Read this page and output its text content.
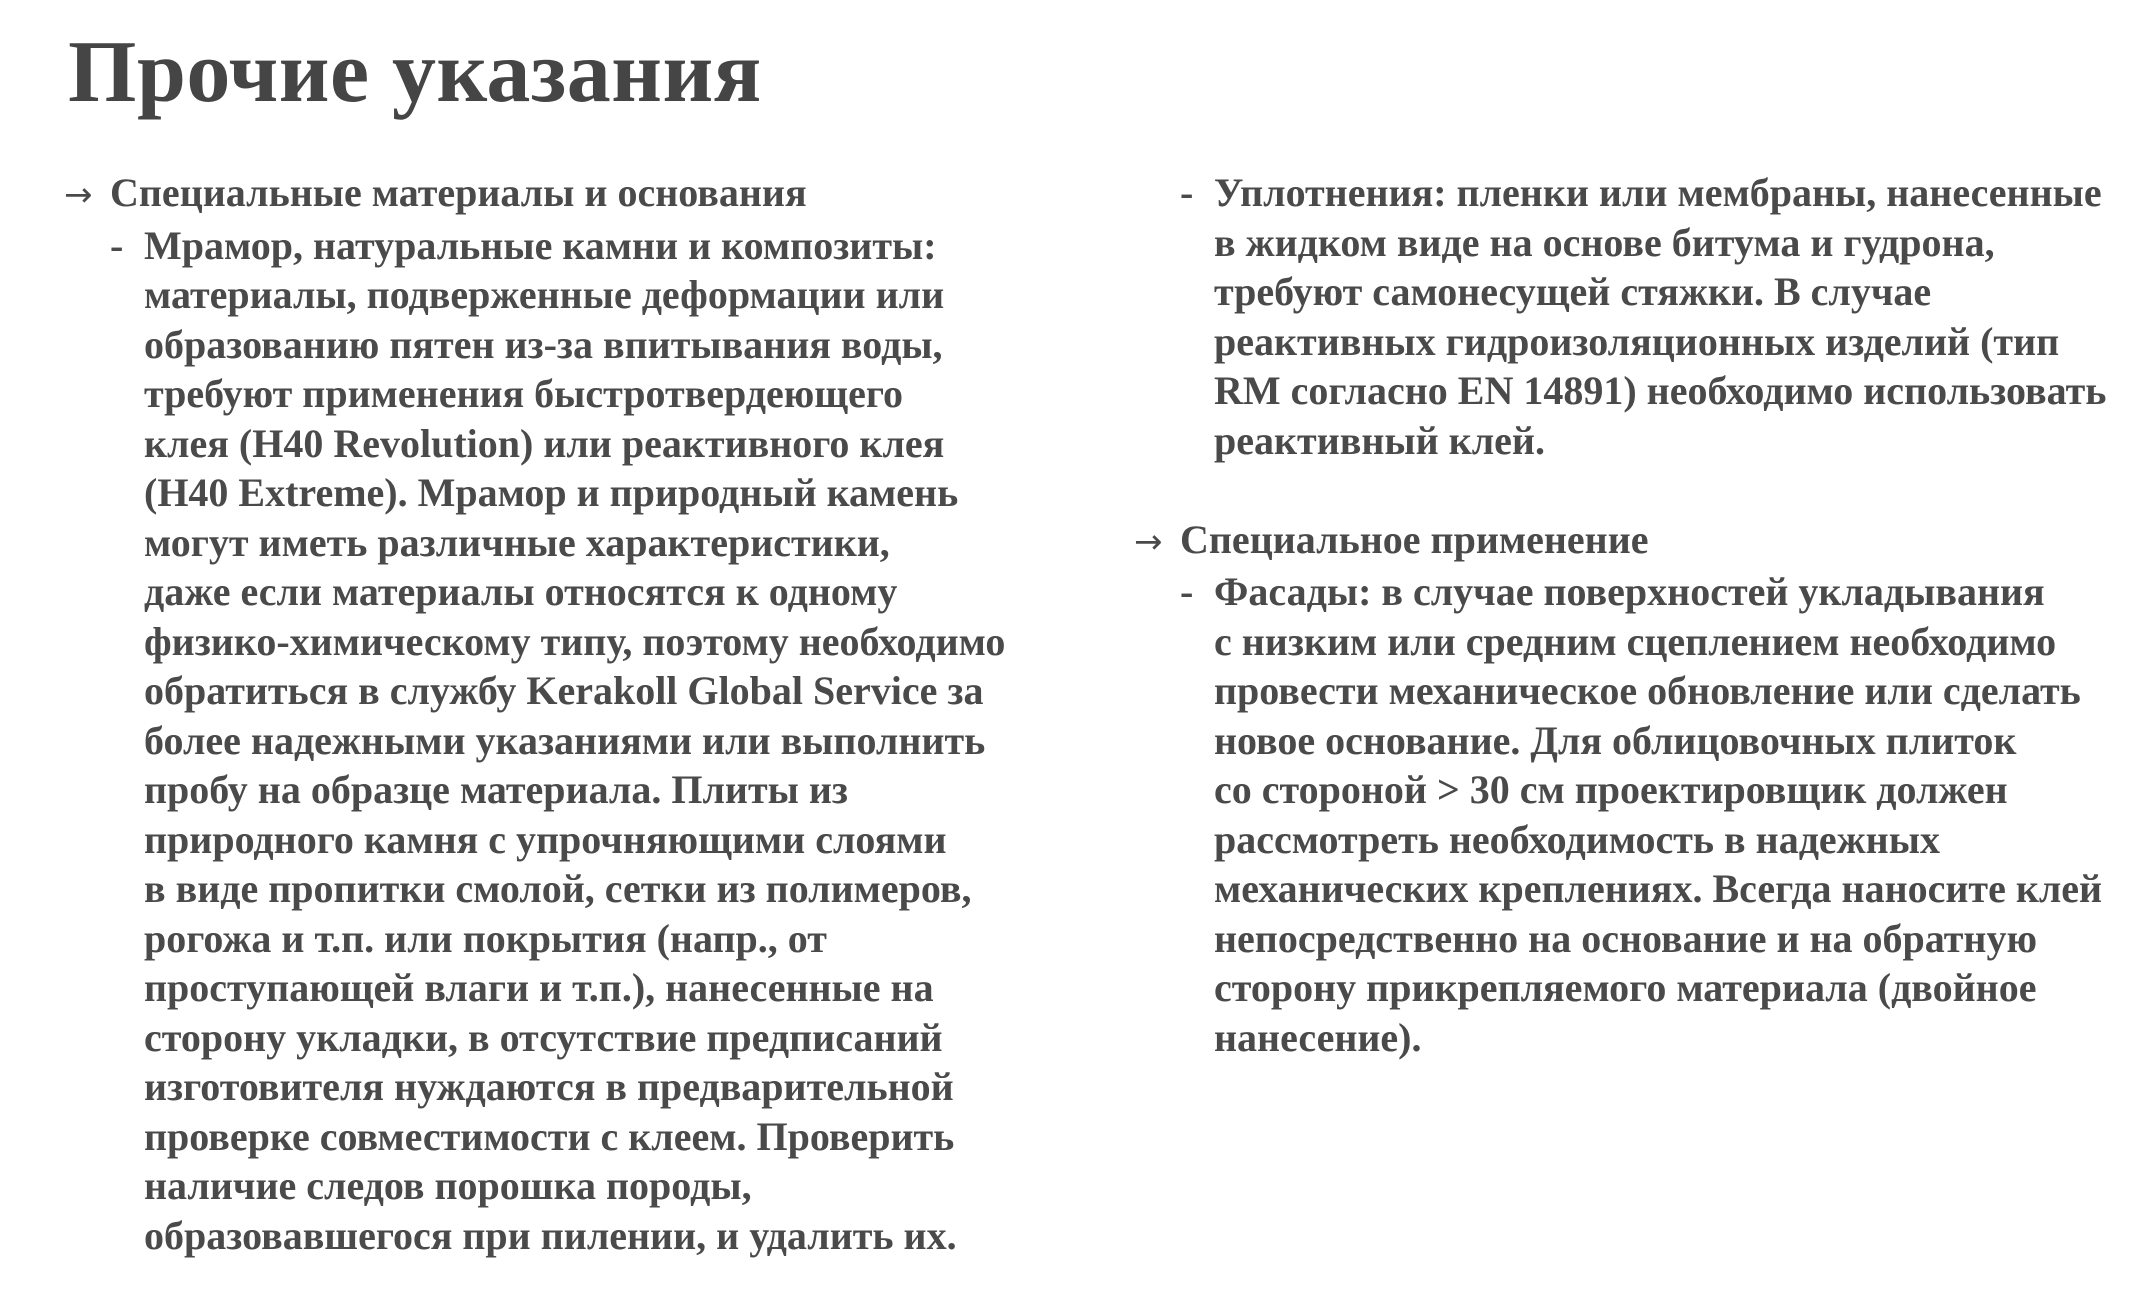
Прочие указания
→ Специальные материалы и основания
- Мрамор, натуральные камни и композиты:
материалы, подверженные деформации или
образованию пятен из-за впитывания воды,
требуют применения быстротвердеющего
клея (H40 Revolution) или реактивного клея
(H40 Extreme). Мрамор и природный камень
могут иметь различные характеристики,
даже если материалы относятся к одному
физико-химическому типу, поэтому необходимо
обратиться в службу Kerakoll Global Service за
более надежными указаниями или выполнить
пробу на образце материала. Плиты из
природного камня с упрочняющими слоями
в виде пропитки смолой, сетки из полимеров,
рогожа и т.п. или покрытия (напр., от
проступающей влаги и т.п.), нанесенные на
сторону укладки, в отсутствие предписаний
изготовителя нуждаются в предварительной
проверке совместимости с клеем. Проверить
наличие следов порошка породы,
образовавшегося при пилении, и удалить их.
- Уплотнения: пленки или мембраны, нанесенные
в жидком виде на основе битума и гудрона,
требуют самонесущей стяжки. В случае
реактивных гидроизоляционных изделий (тип
RM согласно EN 14891) необходимо использовать
реактивный клей.
→ Специальное применение
- Фасады: в случае поверхностей укладывания
с низким или средним сцеплением необходимо
провести механическое обновление или сделать
новое основание. Для облицовочных плиток
со стороной > 30 см проектировщик должен
рассмотреть необходимость в надежных
механических креплениях. Всегда наносите клей
непосредственно на основание и на обратную
сторону прикрепляемого материала (двойное
нанесение).
